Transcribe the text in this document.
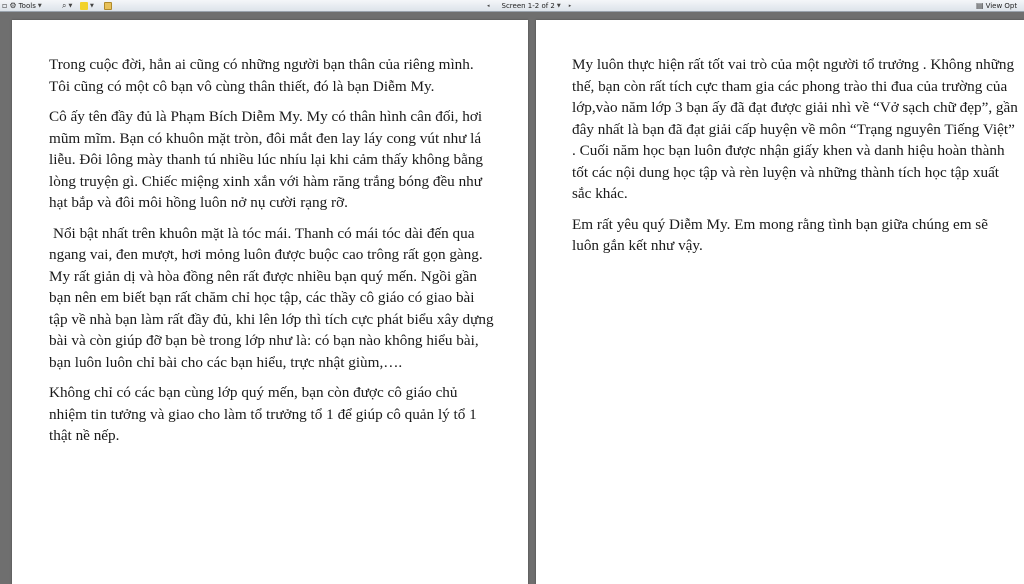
▫ ⚙ Tools ▼	⌕ ▼	▼	◂ Screen 1-2 of 2 ▼ ▸	▤ View Opt

Trong cuộc đời, hẳn ai cũng có những người bạn thân của riêng mình. Tôi cũng có một cô bạn vô cùng thân thiết, đó là bạn Diễm My.

Cô ấy tên đầy đủ là Phạm Bích Diễm My. My có thân hình cân đối, hơi mũm mĩm. Bạn có khuôn mặt tròn, đôi mắt đen lay láy cong vút như lá liễu. Đôi lông mày thanh tú nhiều lúc nhíu lại khi cảm thấy không bằng lòng truyện gì. Chiếc miệng xinh xắn với hàm răng trắng bóng đều như hạt bắp và đôi môi hồng luôn nở nụ cười rạng rỡ.

Nổi bật nhất trên khuôn mặt là tóc mái. Thanh có mái tóc dài đến qua ngang vai, đen mượt, hơi mỏng luôn được buộc cao trông rất gọn gàng. My rất giản dị và hòa đồng nên rất được nhiều bạn quý mến. Ngồi gần bạn nên em biết bạn rất chăm chỉ học tập, các thầy cô giáo có giao bài tập về nhà bạn làm rất đầy đủ, khi lên lớp thì tích cực phát biểu xây dựng bài và còn giúp đỡ bạn bè trong lớp như là: có bạn nào không hiểu bài, bạn luôn luôn chỉ bài cho các bạn hiểu, trực nhật giùm,….

Không chỉ có các bạn cùng lớp quý mến, bạn còn được cô giáo chủ nhiệm tin tưởng và giao cho làm tổ trưởng tổ 1 để giúp cô quản lý tổ 1 thật nề nếp.

My luôn thực hiện rất tốt vai trò của một người tổ trưởng . Không những thế, bạn còn rất tích cực tham gia các phong trào thi đua của trường của lớp,vào năm lớp 3 bạn ấy đã đạt được giải nhì về “Vở sạch chữ đẹp”, gần đây nhất là bạn đã đạt giải cấp huyện về môn “Trạng nguyên Tiếng Việt” . Cuối năm học bạn luôn được nhận giấy khen và danh hiệu hoàn thành tốt các nội dung học tập và rèn luyện và những thành tích học tập xuất sắc khác.

Em rất yêu quý Diễm My. Em mong rằng tình bạn giữa chúng em sẽ luôn gắn kết như vậy.
